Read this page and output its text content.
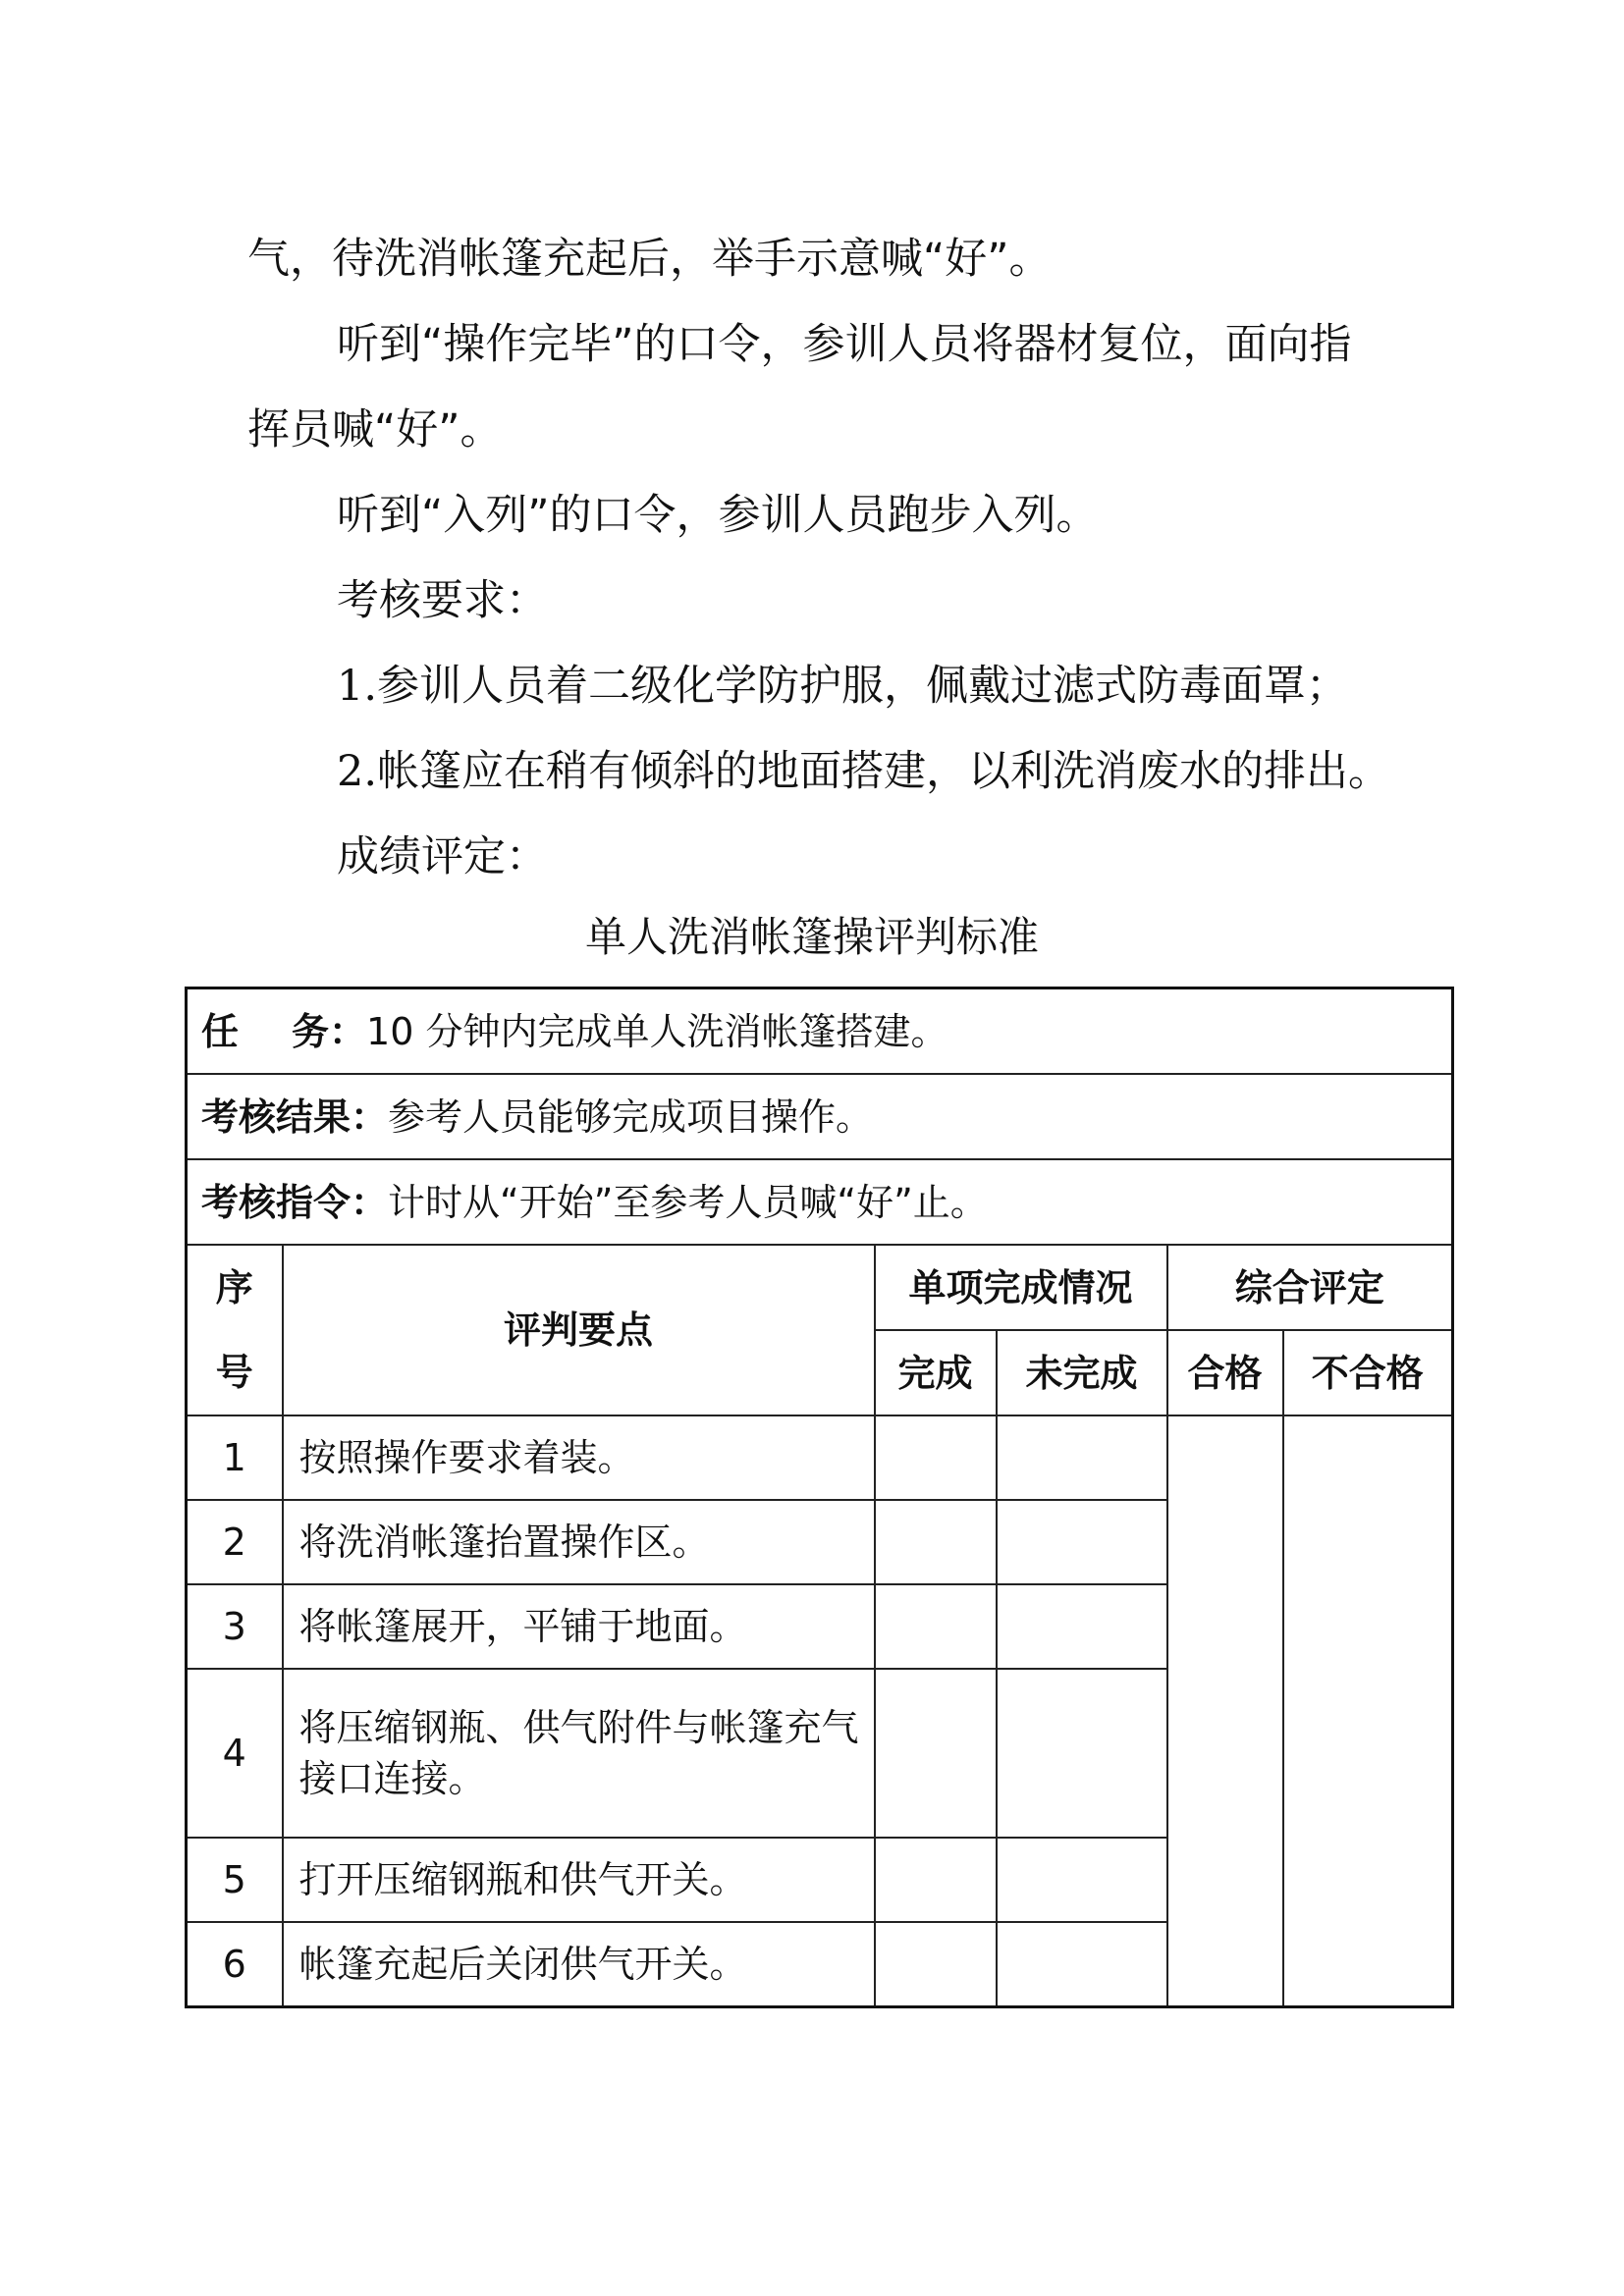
气，待洗消帐篷充起后，举手示意喊“好”。

听到“操作完毕”的口令，参训人员将器材复位，面向指

挥员喊“好”。

听到“入列”的口令，参训人员跑步入列。

考核要求：

1.参训人员着二级化学防护服，佩戴过滤式防毒面罩；

2.帐篷应在稍有倾斜的地面搭建，以利洗消废水的排出。

成绩评定：

单人洗消帐篷操评判标准
任 务：10 分钟内完成单人洗消帐篷搭建。					
考核结果：参考人员能够完成项目操作。					
考核指令：计时从“开始”至参考人员喊“好”止。					

序
号	评判要点	单项完成情况		综合评定	
		完成	未完成	合格	不合格
1	按照操作要求着装。				
2	将洗消帐篷抬置操作区。				
3	将帐篷展开，平铺于地面。				
4	将压缩钢瓶、供气附件与帐篷充气接口连接。				
5	打开压缩钢瓶和供气开关。				
6	帐篷充起后关闭供气开关。				
